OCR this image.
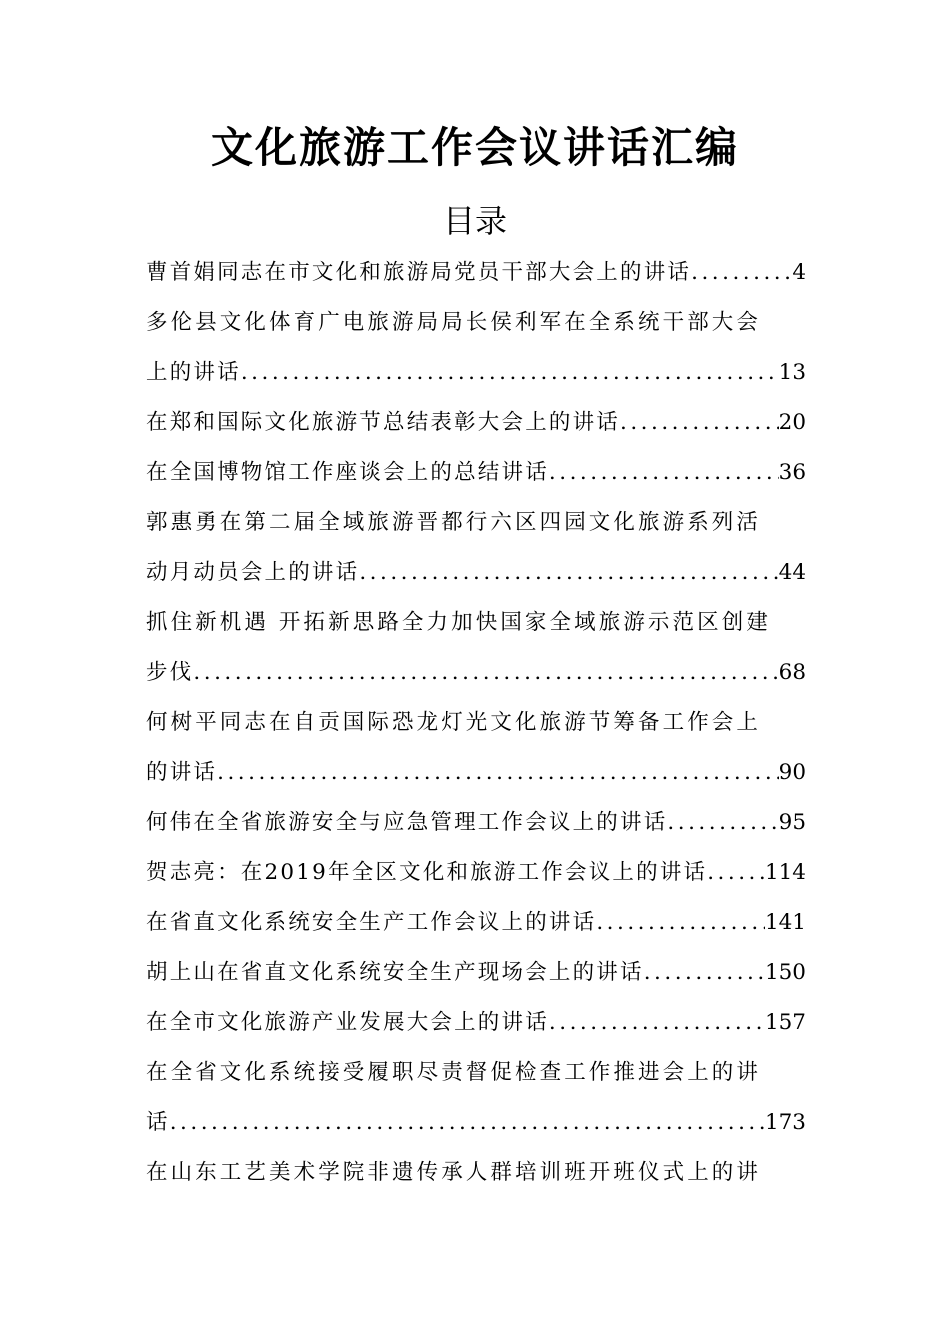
文化旅游工作会议讲话汇编
目录
曹首娟同志在市文化和旅游局党员干部大会上的讲话 .....	4
多伦县文化体育广电旅游局局长侯利军在全系统干部大会
上的讲话 .....	13
在郑和国际文化旅游节总结表彰大会上的讲话 .....	20
在全国博物馆工作座谈会上的总结讲话 .....	36
郭惠勇在第二届全域旅游晋都行六区四园文化旅游系列活
动月动员会上的讲话 .....	44
抓住新机遇 开拓新思路全力加快国家全域旅游示范区创建
步伐 .....	68
何树平同志在自贡国际恐龙灯光文化旅游节筹备工作会上
的讲话 .....	90
何伟在全省旅游安全与应急管理工作会议上的讲话 .....	95
贺志亮：在2019年全区文化和旅游工作会议上的讲话 .....	114
在省直文化系统安全生产工作会议上的讲话 .....	141
胡上山在省直文化系统安全生产现场会上的讲话 .....	150
在全市文化旅游产业发展大会上的讲话 .....	157
在全省文化系统接受履职尽责督促检查工作推进会上的讲
话 .....	173
在山东工艺美术学院非遗传承人群培训班开班仪式上的讲
